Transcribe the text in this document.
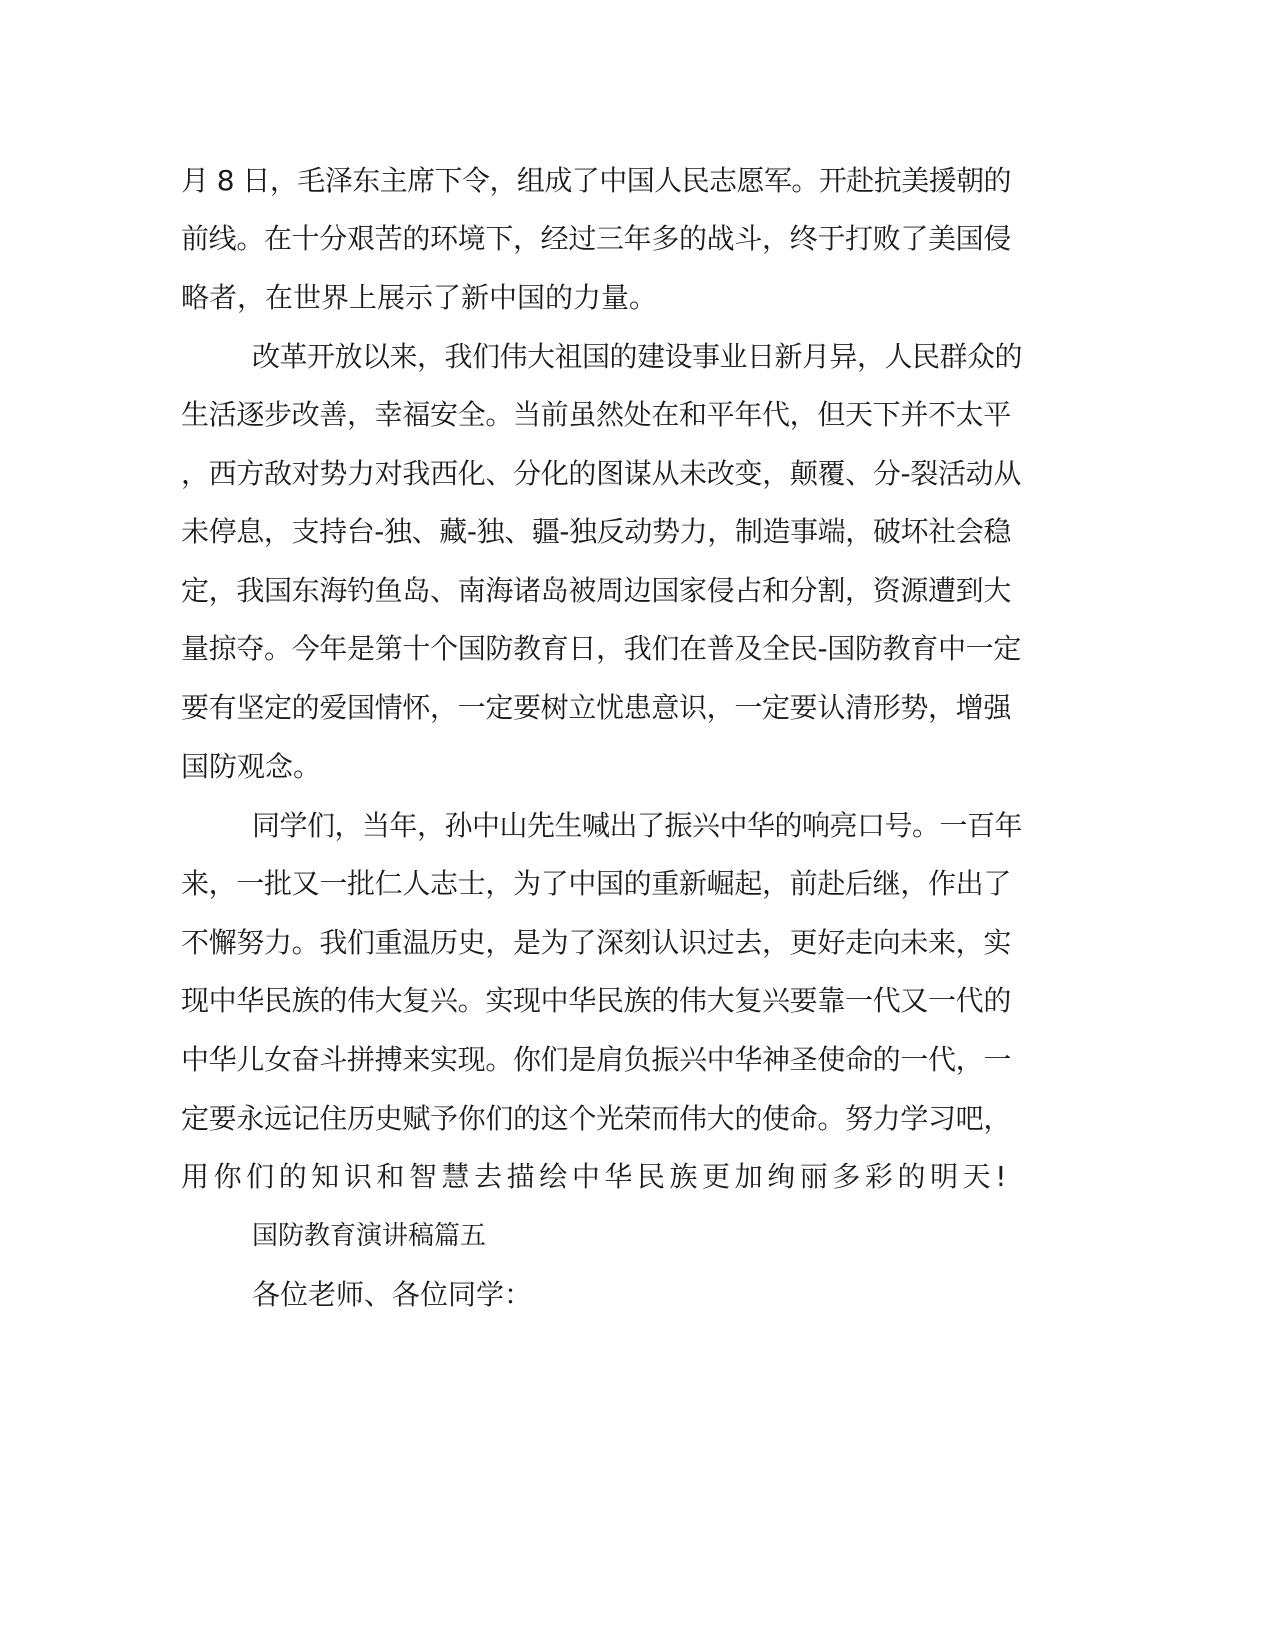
月 8 日，毛泽东主席下令，组成了中国人民志愿军。开赴抗美援朝的
前线。在十分艰苦的环境下，经过三年多的战斗，终于打败了美国侵
略者，在世界上展示了新中国的力量。
改革开放以来，我们伟大祖国的建设事业日新月异，人民群众的
生活逐步改善，幸福安全。当前虽然处在和平年代，但天下并不太平
，西方敌对势力对我西化、分化的图谋从未改变，颠覆、分-裂活动从
未停息，支持台-独、藏-独、疆-独反动势力，制造事端，破坏社会稳
定，我国东海钓鱼岛、南海诸岛被周边国家侵占和分割，资源遭到大
量掠夺。今年是第十个国防教育日，我们在普及全民-国防教育中一定
要有坚定的爱国情怀，一定要树立忧患意识，一定要认清形势，增强
国防观念。
同学们，当年，孙中山先生喊出了振兴中华的响亮口号。一百年
来，一批又一批仁人志士，为了中国的重新崛起，前赴后继，作出了
不懈努力。我们重温历史，是为了深刻认识过去，更好走向未来，实
现中华民族的伟大复兴。实现中华民族的伟大复兴要靠一代又一代的
中华儿女奋斗拼搏来实现。你们是肩负振兴中华神圣使命的一代，一
定要永远记住历史赋予你们的这个光荣而伟大的使命。努力学习吧，
用你们的知识和智慧去描绘中华民族更加绚丽多彩的明天!
国防教育演讲稿篇五
各位老师、各位同学：
